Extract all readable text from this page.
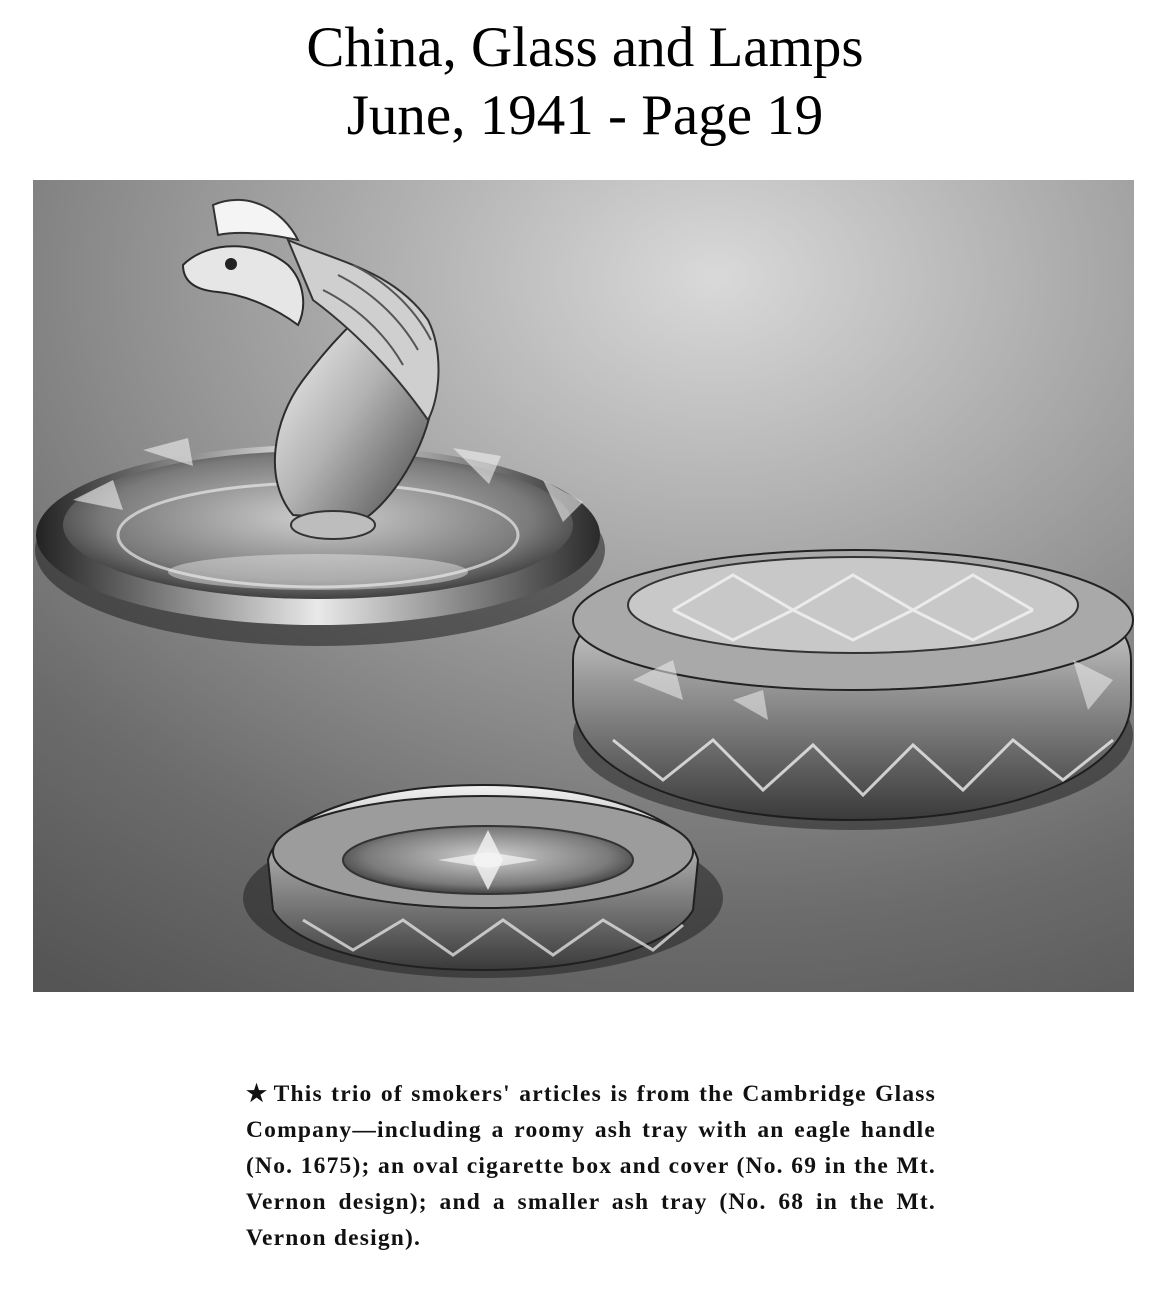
China, Glass and Lamps
June, 1941 - Page 19
★ This trio of smokers' articles is from the Cambridge Glass Company—including a roomy ash tray with an eagle handle (No. 1675); an oval cigarette box and cover (No. 69 in the Mt. Vernon design); and a smaller ash tray (No. 68 in the Mt. Vernon design).
